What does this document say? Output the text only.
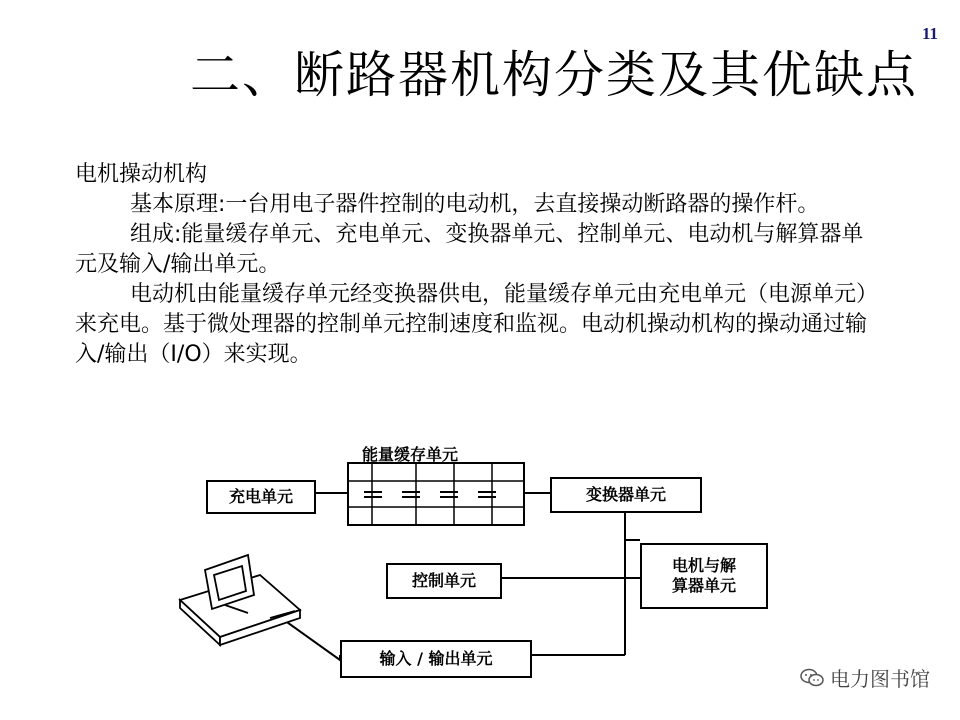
11
二、断路器机构分类及其优缺点

电机操动机构

基本原理:一台用电子器件控制的电动机，去直接操动断路器的操作杆。

组成:能量缓存单元、充电单元、变换器单元、控制单元、电动机与解算器单元及输入/输出单元。

电动机由能量缓存单元经变换器供电，能量缓存单元由充电单元（电源单元）来充电。基于微处理器的控制单元控制速度和监视。电动机操动机构的操动通过输入/输出（I/O）来实现。

能量缓存单元
充电单元	变换器单元
控制单元
电机与解
算器单元
输入 / 输出单元
电力图书馆
